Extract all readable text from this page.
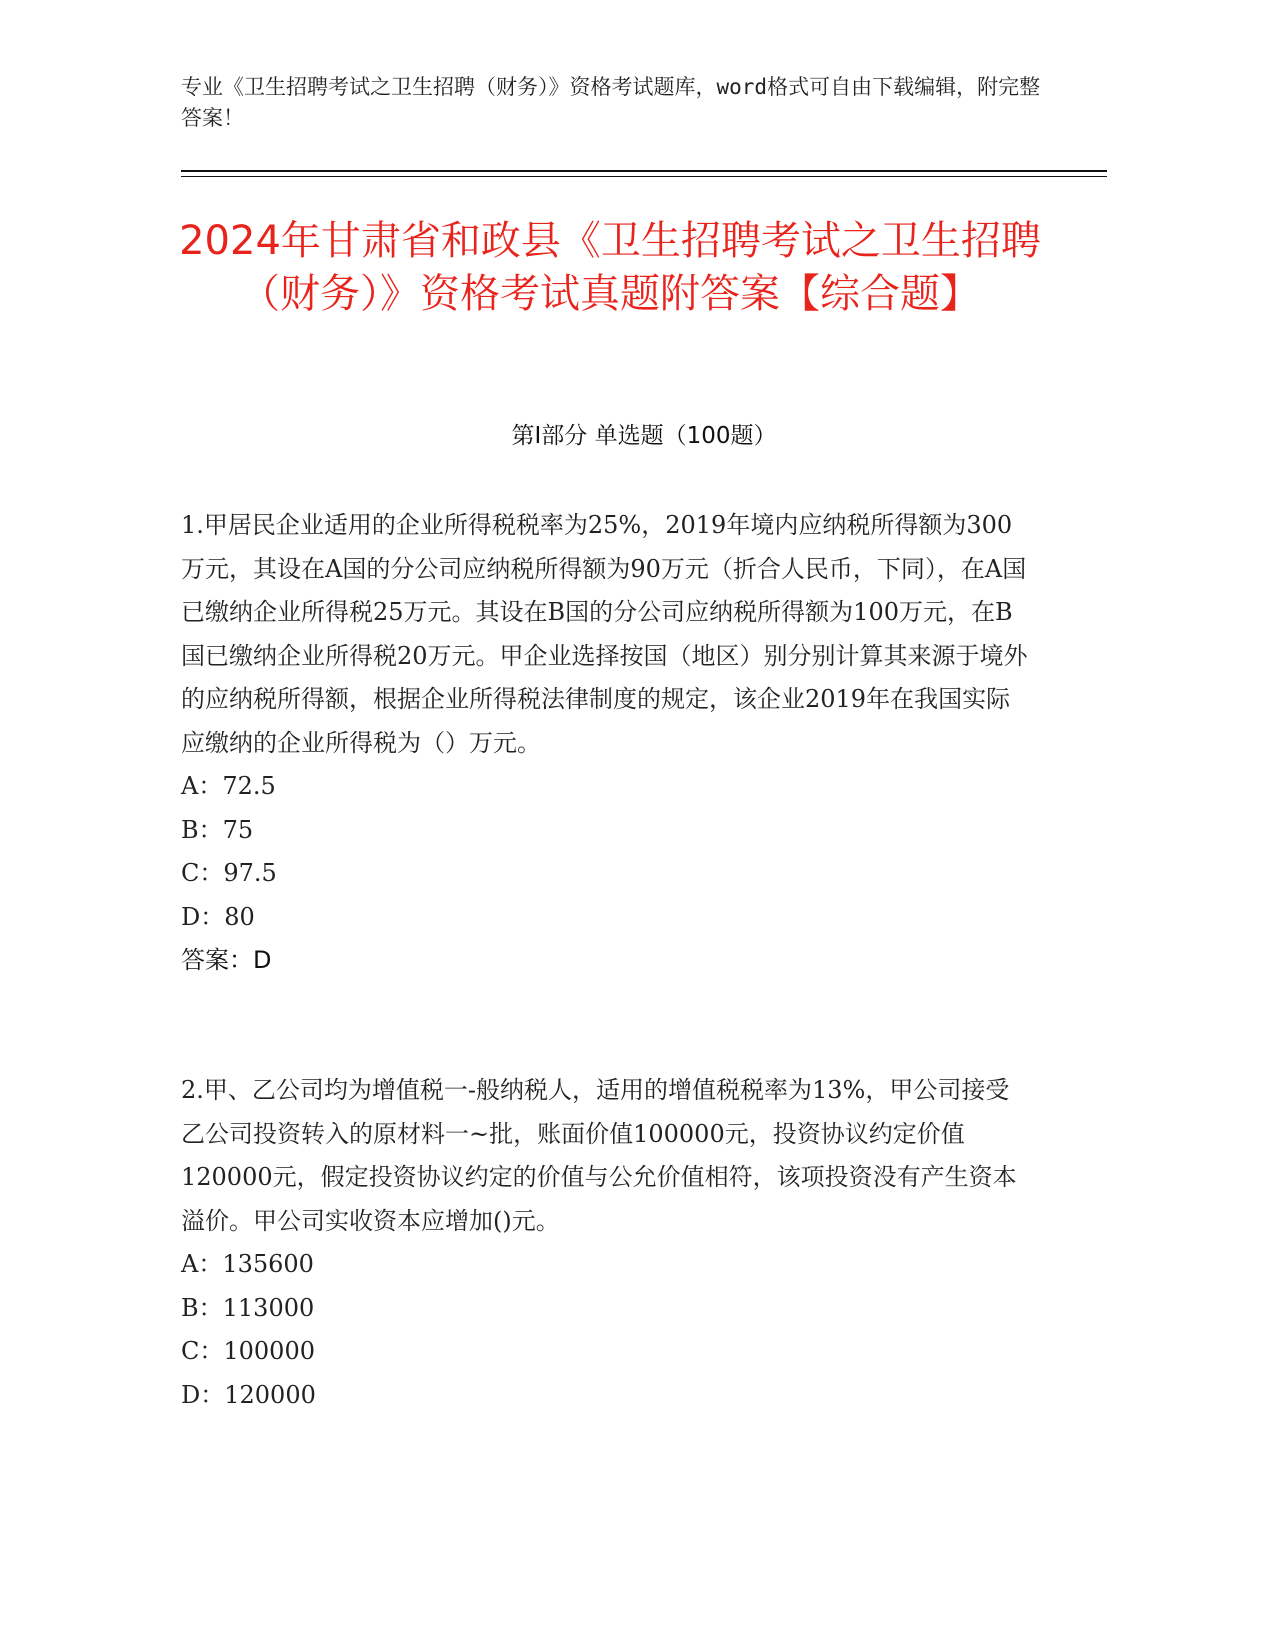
专业《卫生招聘考试之卫生招聘（财务）》资格考试题库，word格式可自由下载编辑，附完整答案！
2024年甘肃省和政县《卫生招聘考试之卫生招聘（财务）》资格考试真题附答案【综合题】
第I部分 单选题（100题）

1.甲居民企业适用的企业所得税税率为25%，2019年境内应纳税所得额为300万元，其设在A国的分公司应纳税所得额为90万元（折合人民币，下同），在A国已缴纳企业所得税25万元。其设在B国的分公司应纳税所得额为100万元，在B国已缴纳企业所得税20万元。甲企业选择按国（地区）别分别计算其来源于境外的应纳税所得额，根据企业所得税法律制度的规定，该企业2019年在我国实际应缴纳的企业所得税为（）万元。

A：72.5

B：75

C：97.5

D：80

答案：D

2.甲、乙公司均为增值税一-般纳税人，适用的增值税税率为13%，甲公司接受乙公司投资转入的原材料一~批，账面价值100000元，投资协议约定价值120000元，假定投资协议约定的价值与公允价值相符，该项投资没有产生资本溢价。甲公司实收资本应增加()元。

A：135600

B：113000

C：100000

D：120000
